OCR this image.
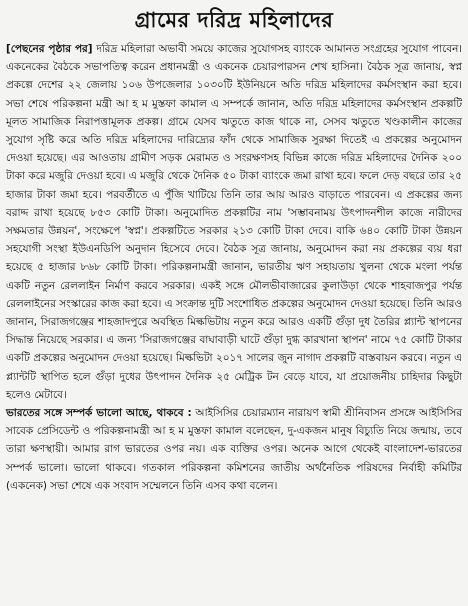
গ্রামের দরিদ্র মহিলাদের

[পেছনের পৃষ্ঠার পর] দরিদ্র মহিলারা অভাবী সময়ে কাজের সুযোগসহ ব্যাংকে আমানত সংগ্রহের সুযোগ পাবেন। একনেকের বৈঠকে সভাপতিত্ব করেন প্রধানমন্ত্রী ও একনেক চেয়ারপারসন শেখ হাসিনা। বৈঠক সূত্র জানায়, স্বপ্ন প্রকল্পে দেশের ২২ জেলায় ১০৬ উপজেলার ১০৩০টি ইউনিয়নে অতি দরিদ্র মহিলাদের কর্মসংস্থান করা হবে। সভা শেষে পরিকল্পনা মন্ত্রী আ হ ম মুস্তফা কামাল এ সম্পর্কে জানান, অতি দরিদ্র মহিলাদের কর্মসংস্থান প্রকল্পটি মূলত সামাজিক নিরাপত্তামূলক প্রকল্প। গ্রামে যেসব ঋতুতে কাজ থাকে না, সেসব ঋতুতে খণ্ডকালীন কাজের সুযোগ সৃষ্টি করে অতি দরিদ্র মহিলাদের দারিদ্র্যের ফাঁদ থেকে সামাজিক সুরক্ষা দিতেই এ প্রকল্পের অনুমোদন দেওয়া হয়েছে। এর আওতায় গ্রামীণ সড়ক মেরামত ও সংরক্ষণসহ বিভিন্ন কাজে দরিদ্র মহিলাদের দৈনিক ২০০ টাকা করে মজুরি দেওয়া হবে। এ মজুরি থেকে দৈনিক ৫০ টাকা ব্যাংকে জমা রাখা হবে। ফলে দেড় বছরে তার ২৫ হাজার টাকা জমা হবে। পরবর্তীতে এ পুঁজি খাটিয়ে তিনি তার আয় আরও বাড়াতে পারবেন। এ প্রকল্পের জন্য বরাদ্দ রাখা হয়েছে ৮৫৩ কোটি টাকা। অনুমোদিত প্রকল্পটির নাম 'সম্ভাবনাময় উৎপাদনশীল কাজে নারীদের সক্ষমতার উন্নয়ন', সংক্ষেপে 'স্বপ্ন'। প্রকল্পটিতে সরকার ২১৩ কোটি টাকা দেবে। বাকি ৬৪০ কোটি টাকা উন্নয়ন সহযোগী সংস্থা ইউএনডিপি অনুদান হিসেবে দেবে। বৈঠক সূত্র জানায়, অনুমোদন করা নয় প্রকল্পের ব্যয় ধরা হয়েছে ৫ হাজার ৮৬৮ কোটি টাকা। পরিকল্পনামন্ত্রী জানান, ভারতীয় ঋণ সহায়তায় খুলনা থেকে মংলা পর্যন্ত একটি নতুন রেললাইন নির্মাণ করবে সরকার। একই সঙ্গে মৌলভীবাজারের কুলাউড়া থেকে শাহবাজপুর পর্যন্ত রেললাইনের সংস্কারের কাজ করা হবে। এ সংক্রান্ত দুটি সংশোধিত প্রকল্পের অনুমোদন দেওয়া হয়েছে। তিনি আরও জানান, সিরাজগঞ্জের শাহজাদপুরে অবস্থিত মিল্কভিটায় নতুন করে আরও একটি গুঁড়া দুধ তৈরির প্ল্যান্ট স্থাপনের সিদ্ধান্ত নিয়েছে সরকার। এ জন্য 'সিরাজগঞ্জের বাঘাবাড়ী ঘাটে গুঁড়া দুগ্ধ কারখানা স্থাপন' নামে ৭৫ কোটি টাকার একটি প্রকল্পের অনুমোদন দেওয়া হয়েছে। মিল্কভিটা ২০১৭ সালের জুন নাগাদ প্রকল্পটি বাস্তবায়ন করবে। নতুন এ প্ল্যান্টটি স্থাপিত হলে গুঁড়া দুধের উৎপাদন দৈনিক ২৫ মেট্রিক টন বেড়ে যাবে, যা প্রয়োজনীয় চাহিদার কিছুটা হলেও মেটাবে।

ভারতের সঙ্গে সম্পর্ক ভালো আছে, থাকবে : আইসিসির চেয়ারম্যান নারায়ণ স্বামী শ্রীনিবাসন প্রসঙ্গে আইসিসির সাবেক প্রেসিডেন্ট ও পরিকল্পনামন্ত্রী আ হ ম মুস্তফা কামাল বলেছেন, দু-একজন মানুষ বিচ্যুতি নিয়ে জন্মায়, তবে তারা ক্ষণস্থায়ী। আমার রাগ ভারতের ওপর নয়। এক ব্যক্তির ওপর। অনেক আগে থেকেই বাংলাদেশ-ভারতের সম্পর্ক ভালো। ভালো থাকবে। গতকাল পরিকল্পনা কমিশনের জাতীয় অর্থনৈতিক পরিষদের নির্বাহী কমিটির (একনেক) সভা শেষে এক সংবাদ সম্মেলনে তিনি এসব কথা বলেন।
